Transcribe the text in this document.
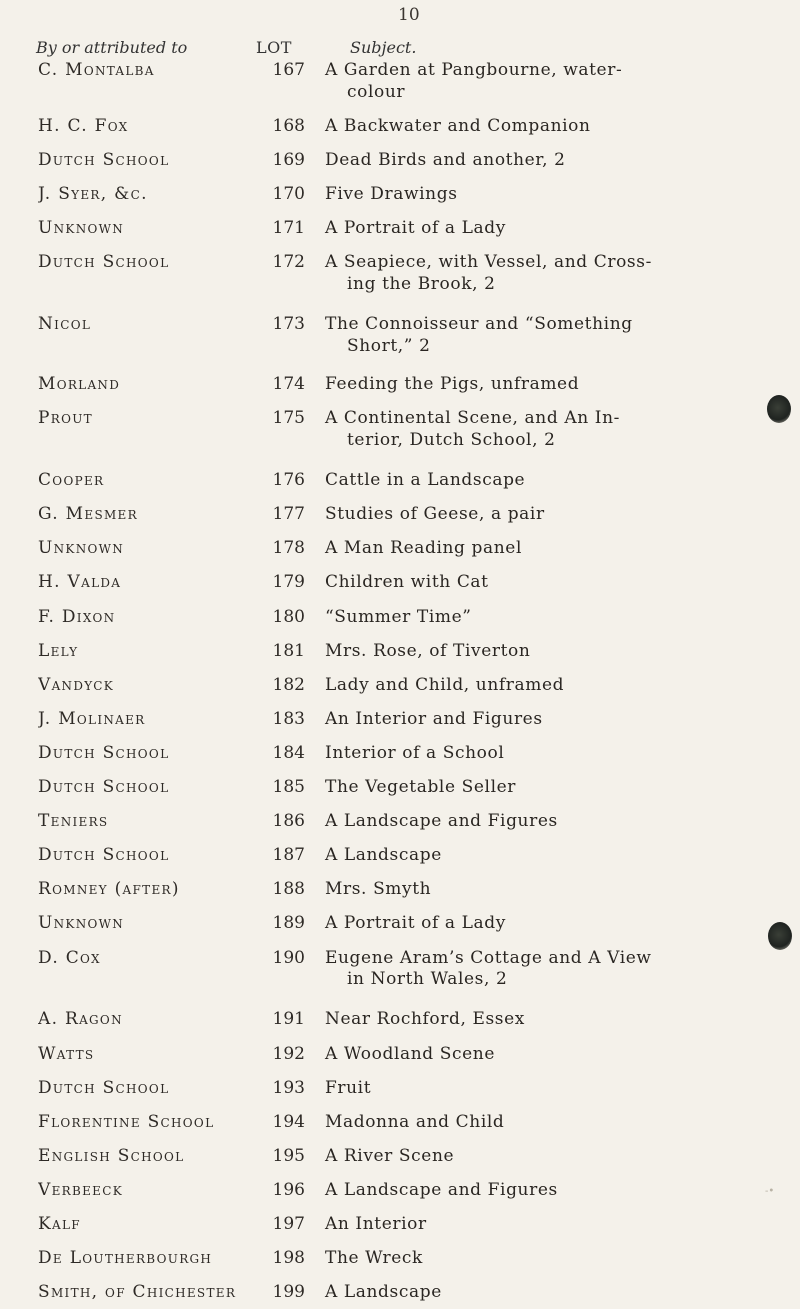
10
By or attributed to	LOT	Subject.
C. Montalba	167 A Garden at Pangbourne, water-
colour
H. C. Fox	168 A Backwater and Companion
Dutch School	169 Dead Birds and another, 2
J. Syer, &c.	170 Five Drawings
Unknown	171 A Portrait of a Lady
Dutch School	172 A Seapiece, with Vessel, and Cross-
ing the Brook, 2
Nicol	173 The Connoisseur and “Something
Short,” 2
Morland	174 Feeding the Pigs, unframed
Prout	175 A Continental Scene, and An In-
terior, Dutch School, 2
Cooper	176 Cattle in a Landscape
G. Mesmer	177 Studies of Geese, a pair
Unknown	178 A Man Reading panel
H. Valda	179 Children with Cat
F. Dixon	180 “Summer Time”
Lely	181 Mrs. Rose, of Tiverton
Vandyck	182 Lady and Child, unframed
J. Molinaer	183 An Interior and Figures
Dutch School	184 Interior of a School
Dutch School	185 The Vegetable Seller
Teniers	186 A Landscape and Figures
Dutch School	187 A Landscape
Romney (after)	188 Mrs. Smyth
Unknown	189 A Portrait of a Lady
D. Cox	190 Eugene Aram’s Cottage and A View
in North Wales, 2
A. Ragon	191 Near Rochford, Essex
Watts	192 A Woodland Scene
Dutch School	193 Fruit
Florentine School	194 Madonna and Child
English School	195 A River Scene
Verbeeck	196 A Landscape and Figures
Kalf	197 An Interior
De Loutherbourgh	198 The Wreck
Smith, of Chichester	199 A Landscape
-•
